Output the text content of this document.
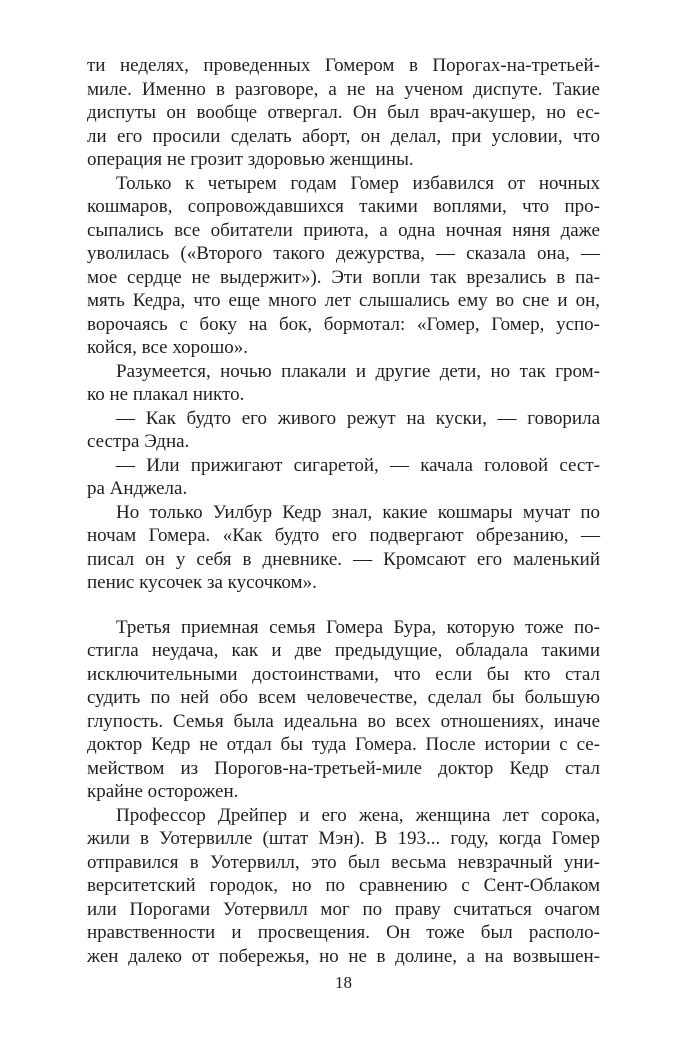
ти неделях, проведенных Гомером в Порогах-на-третьей-
миле. Именно в разговоре, а не на ученом диспуте. Такие
диспуты он вообще отвергал. Он был врач-акушер, но ес-
ли его просили сделать аборт, он делал, при условии, что
операция не грозит здоровью женщины.
Только к четырем годам Гомер избавился от ночных
кошмаров, сопровождавшихся такими воплями, что про-
сыпались все обитатели приюта, а одна ночная няня даже
уволилась («Второго такого дежурства, — сказала она, —
мое сердце не выдержит»). Эти вопли так врезались в па-
мять Кедра, что еще много лет слышались ему во сне и он,
ворочаясь с боку на бок, бормотал: «Гомер, Гомер, успо-
койся, все хорошо».
Разумеется, ночью плакали и другие дети, но так гром-
ко не плакал никто.
— Как будто его живого режут на куски, — говорила
сестра Эдна.
— Или прижигают сигаретой, — качала головой сест-
ра Анджела.
Но только Уилбур Кедр знал, какие кошмары мучат по
ночам Гомера. «Как будто его подвергают обрезанию, —
писал он у себя в дневнике. — Кромсают его маленький
пенис кусочек за кусочком».
Третья приемная семья Гомера Бура, которую тоже по-
стигла неудача, как и две предыдущие, обладала такими
исключительными достоинствами, что если бы кто стал
судить по ней обо всем человечестве, сделал бы большую
глупость. Семья была идеальна во всех отношениях, иначе
доктор Кедр не отдал бы туда Гомера. После истории с се-
мейством из Порогов-на-третьей-миле доктор Кедр стал
крайне осторожен.
Профессор Дрейпер и его жена, женщина лет сорока,
жили в Уотервилле (штат Мэн). В 193... году, когда Гомер
отправился в Уотервилл, это был весьма невзрачный уни-
верситетский городок, но по сравнению с Сент-Облаком
или Порогами Уотервилл мог по праву считаться очагом
нравственности и просвещения. Он тоже был располо-
жен далеко от побережья, но не в долине, а на возвышен-
18
